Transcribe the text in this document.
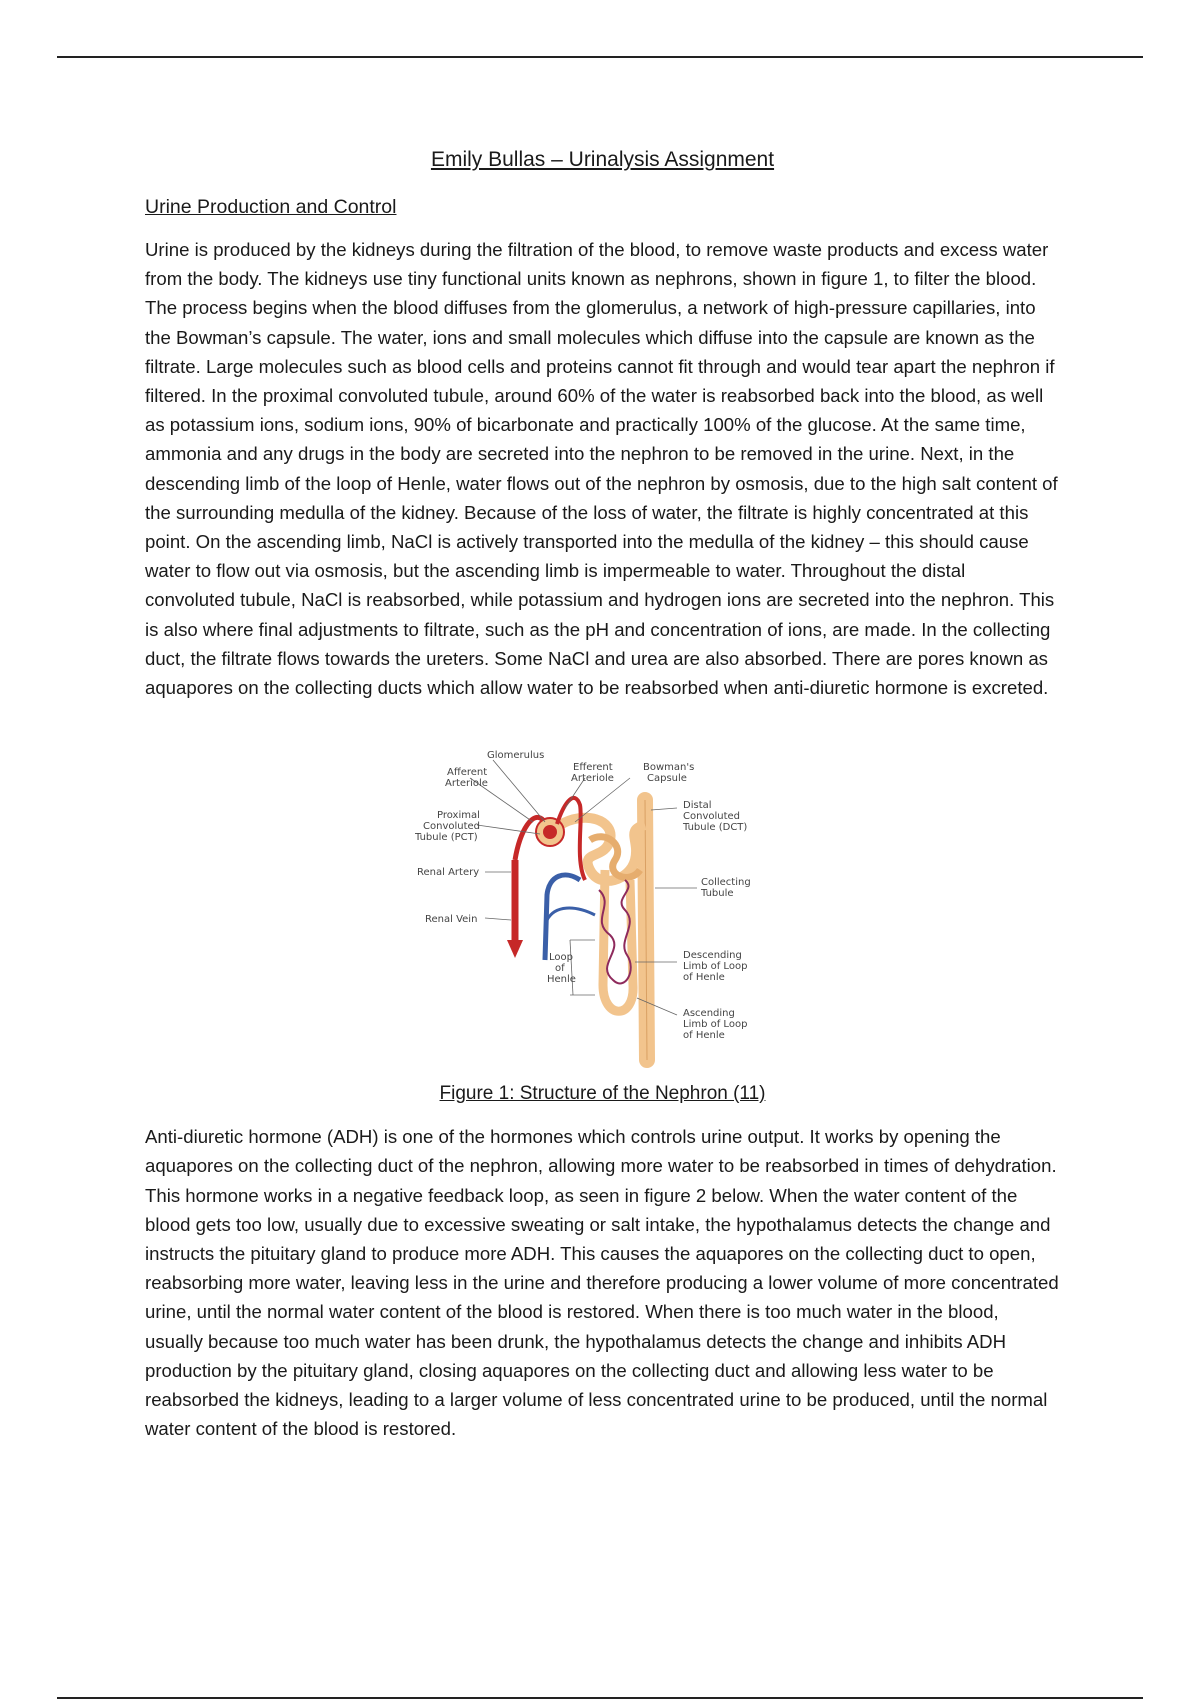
Emily Bullas – Urinalysis Assignment
Urine Production and Control

Urine is produced by the kidneys during the filtration of the blood, to remove waste products and excess water from the body. The kidneys use tiny functional units known as nephrons, shown in figure 1, to filter the blood. The process begins when the blood diffuses from the glomerulus, a network of high-pressure capillaries, into the Bowman’s capsule. The water, ions and small molecules which diffuse into the capsule are known as the filtrate. Large molecules such as blood cells and proteins cannot fit through and would tear apart the nephron if filtered. In the proximal convoluted tubule, around 60% of the water is reabsorbed back into the blood, as well as potassium ions, sodium ions, 90% of bicarbonate and practically 100% of the glucose. At the same time, ammonia and any drugs in the body are secreted into the nephron to be removed in the urine. Next, in the descending limb of the loop of Henle, water flows out of the nephron by osmosis, due to the high salt content of the surrounding medulla of the kidney. Because of the loss of water, the filtrate is highly concentrated at this point. On the ascending limb, NaCl is actively transported into the medulla of the kidney – this should cause water to flow out via osmosis, but the ascending limb is impermeable to water. Throughout the distal convoluted tubule, NaCl is reabsorbed, while potassium and hydrogen ions are secreted into the nephron. This is also where final adjustments to filtrate, such as the pH and concentration of ions, are made. In the collecting duct, the filtrate flows towards the ureters. Some NaCl and urea are also absorbed. There are pores known as aquapores on the collecting ducts which allow water to be reabsorbed when anti-diuretic hormone is excreted.

Glomerulus
Afferent
Arteriole
Efferent
Arteriole
Bowman's
Capsule
Proximal
Convoluted
Tubule (PCT)
Distal
Convoluted
Tubule (DCT)
Renal Artery
Renal Vein
Collecting
Tubule
Loop
of
Henle
Descending
Limb of Loop
of Henle
Ascending
Limb of Loop
of Henle
Figure 1: Structure of the Nephron (11)

Anti-diuretic hormone (ADH) is one of the hormones which controls urine output. It works by opening the aquapores on the collecting duct of the nephron, allowing more water to be reabsorbed in times of dehydration. This hormone works in a negative feedback loop, as seen in figure 2 below. When the water content of the blood gets too low, usually due to excessive sweating or salt intake, the hypothalamus detects the change and instructs the pituitary gland to produce more ADH. This causes the aquapores on the collecting duct to open, reabsorbing more water, leaving less in the urine and therefore producing a lower volume of more concentrated urine, until the normal water content of the blood is restored. When there is too much water in the blood, usually because too much water has been drunk, the hypothalamus detects the change and inhibits ADH production by the pituitary gland, closing aquapores on the collecting duct and allowing less water to be reabsorbed the kidneys, leading to a larger volume of less concentrated urine to be produced, until the normal water content of the blood is restored.
